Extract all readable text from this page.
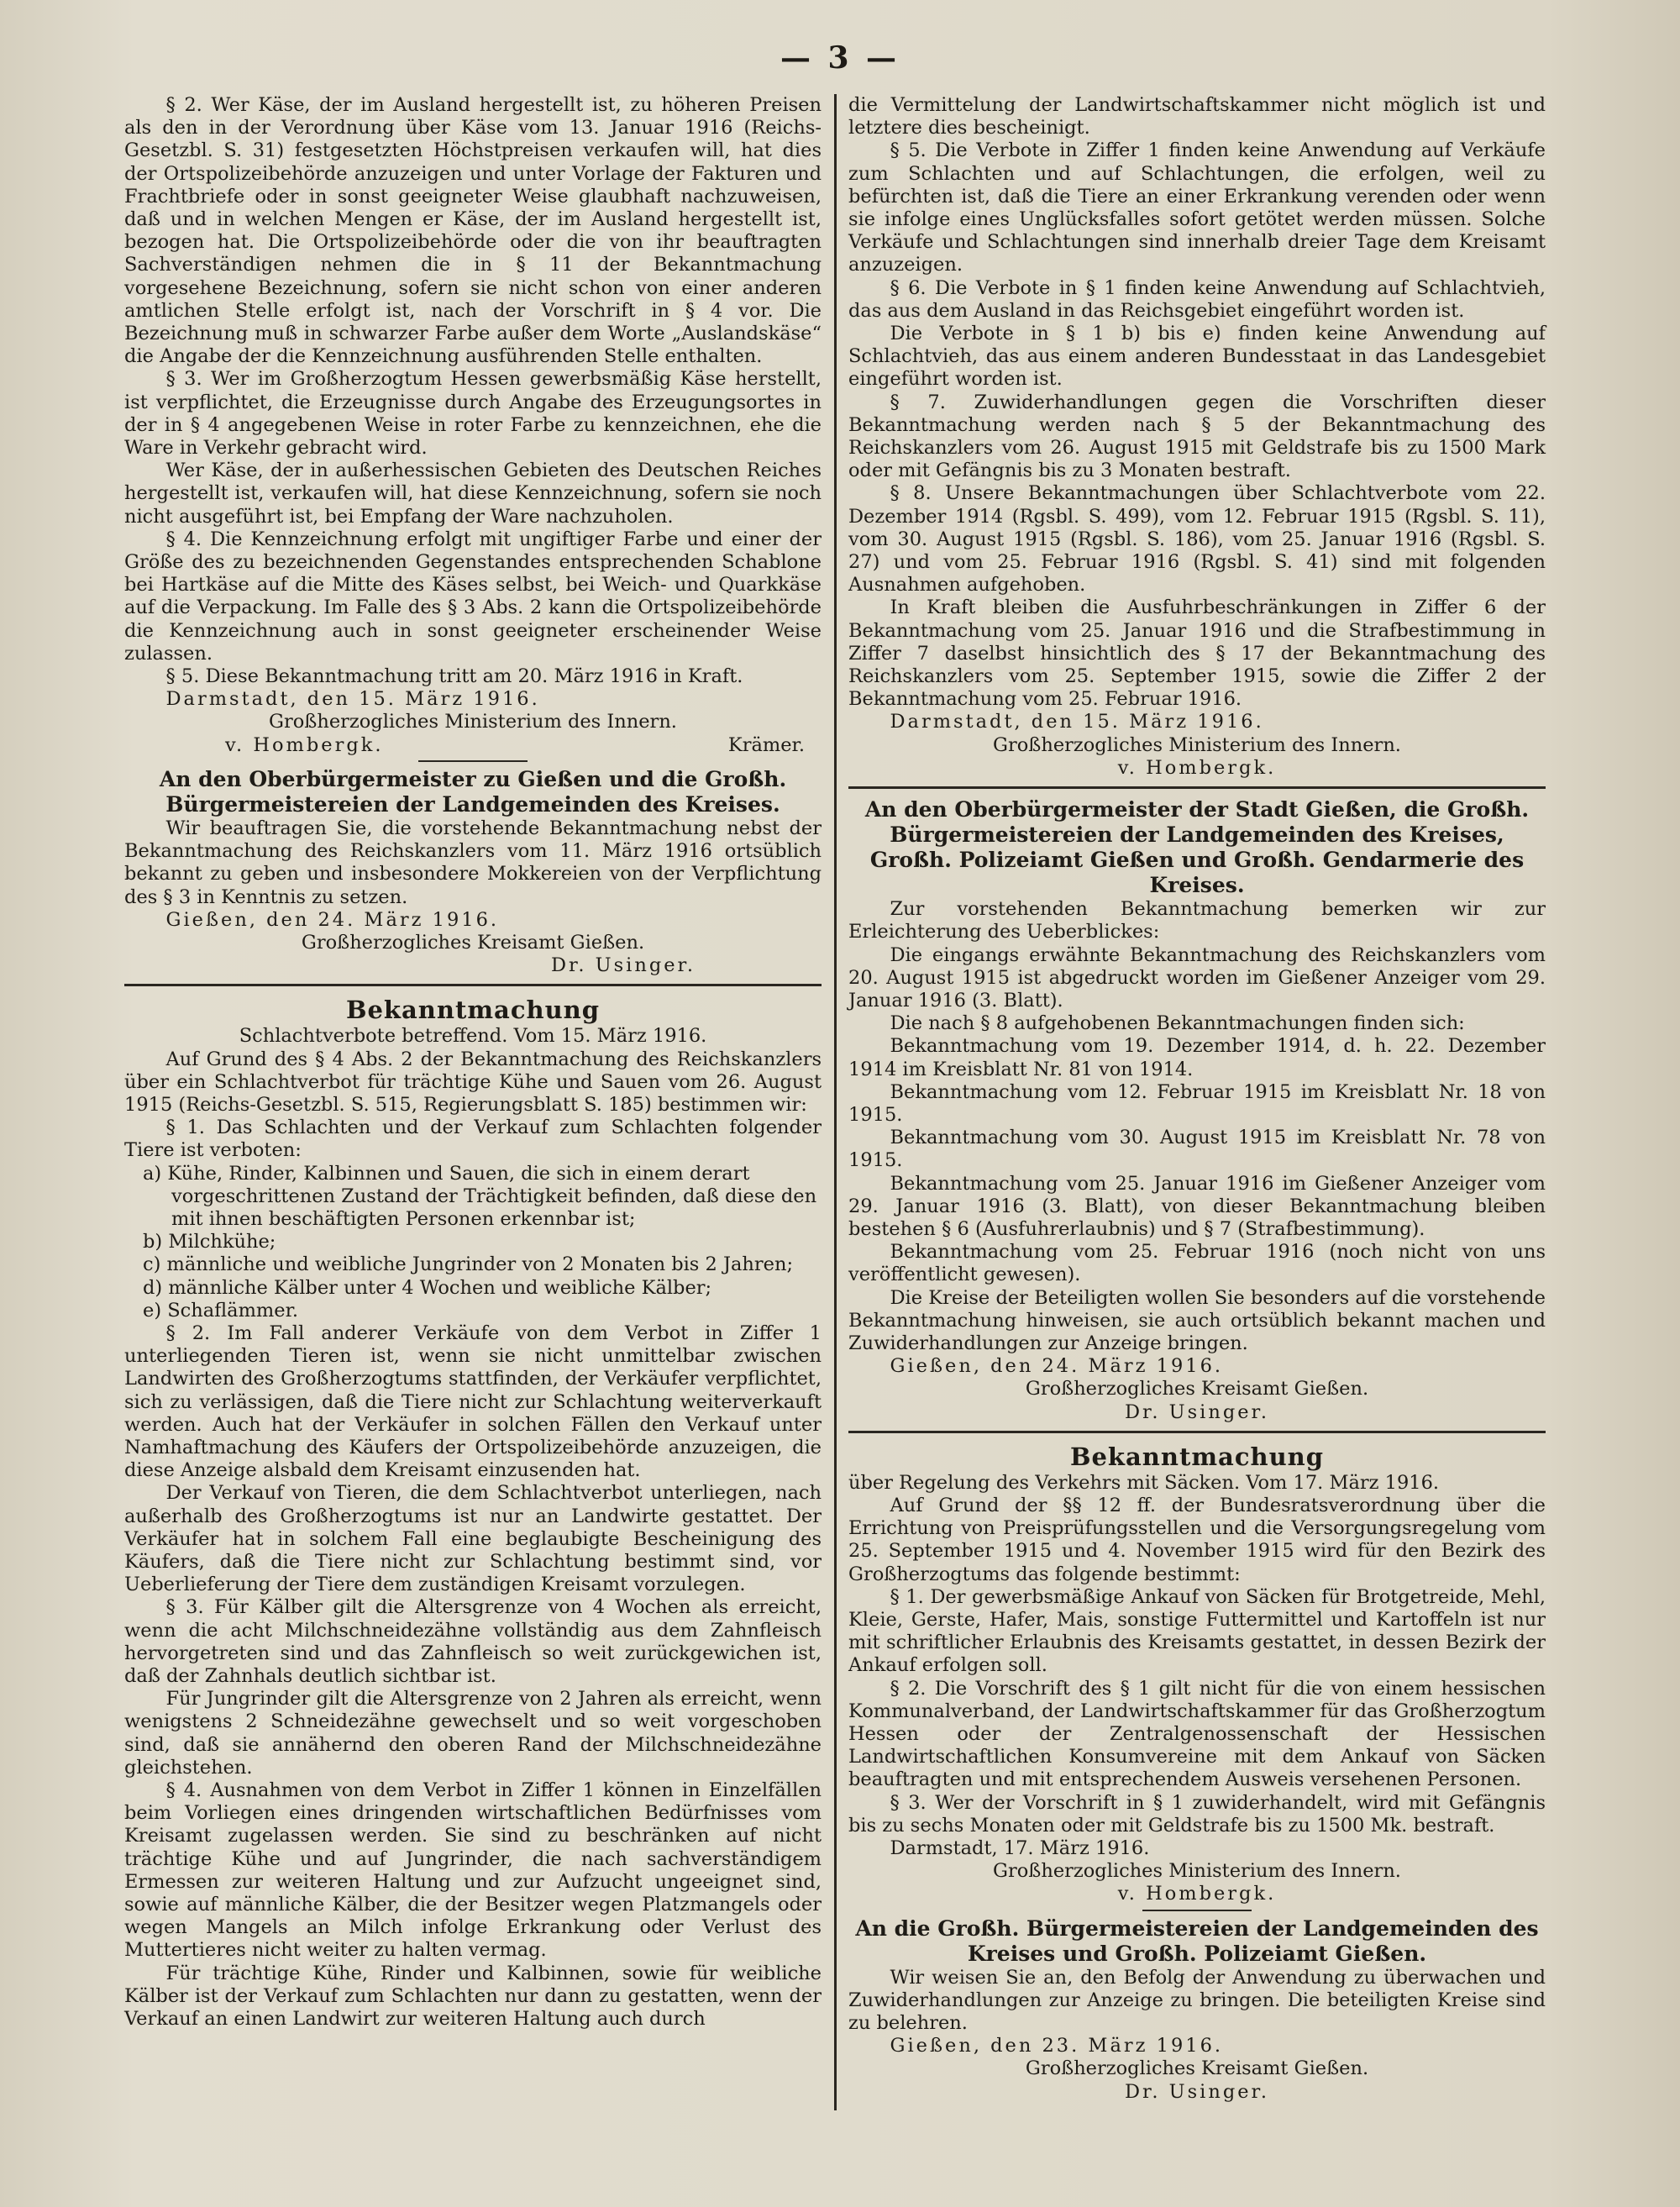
— 3 —

§ 2. Wer Käse, der im Ausland hergestellt ist, zu höheren Preisen als den in der Verordnung über Käse vom 13. Januar 1916 (Reichs-Gesetzbl. S. 31) festgesetzten Höchstpreisen verkaufen will, hat dies der Ortspolizeibehörde anzuzeigen und unter Vorlage der Fakturen und Frachtbriefe oder in sonst geeigneter Weise glaubhaft nachzuweisen, daß und in welchen Mengen er Käse, der im Ausland hergestellt ist, bezogen hat. Die Ortspolizeibehörde oder die von ihr beauftragten Sachverständigen nehmen die in § 11 der Bekanntmachung vorgesehene Bezeichnung, sofern sie nicht schon von einer anderen amtlichen Stelle erfolgt ist, nach der Vorschrift in § 4 vor. Die Bezeichnung muß in schwarzer Farbe außer dem Worte „Auslandskäse“ die Angabe der die Kennzeichnung ausführenden Stelle enthalten.

§ 3. Wer im Großherzogtum Hessen gewerbsmäßig Käse herstellt, ist verpflichtet, die Erzeugnisse durch Angabe des Erzeugungsortes in der in § 4 angegebenen Weise in roter Farbe zu kennzeichnen, ehe die Ware in Verkehr gebracht wird.

Wer Käse, der in außerhessischen Gebieten des Deutschen Reiches hergestellt ist, verkaufen will, hat diese Kennzeichnung, sofern sie noch nicht ausgeführt ist, bei Empfang der Ware nachzuholen.

§ 4. Die Kennzeichnung erfolgt mit ungiftiger Farbe und einer der Größe des zu bezeichnenden Gegenstandes entsprechenden Schablone bei Hartkäse auf die Mitte des Käses selbst, bei Weich- und Quarkkäse auf die Verpackung. Im Falle des § 3 Abs. 2 kann die Ortspolizeibehörde die Kennzeichnung auch in sonst geeigneter erscheinender Weise zulassen.

§ 5. Diese Bekanntmachung tritt am 20. März 1916 in Kraft.

Darmstadt, den 15. März 1916.

Großherzogliches Ministerium des Innern.

v. Hombergk.	Krämer.
An den Oberbürgermeister zu Gießen und die Großh. Bürgermeistereien der Landgemeinden des Kreises.

Wir beauftragen Sie, die vorstehende Bekanntmachung nebst der Bekanntmachung des Reichskanzlers vom 11. März 1916 ortsüblich bekannt zu geben und insbesondere Mokkereien von der Verpflichtung des § 3 in Kenntnis zu setzen.

Gießen, den 24. März 1916.

Großherzogliches Kreisamt Gießen.

Dr. Usinger.

Bekanntmachung

Schlachtverbote betreffend. Vom 15. März 1916.

Auf Grund des § 4 Abs. 2 der Bekanntmachung des Reichskanzlers über ein Schlachtverbot für trächtige Kühe und Sauen vom 26. August 1915 (Reichs-Gesetzbl. S. 515, Regierungsblatt S. 185) bestimmen wir:

§ 1. Das Schlachten und der Verkauf zum Schlachten folgender Tiere ist verboten:

a) Kühe, Rinder, Kalbinnen und Sauen, die sich in einem derart vorgeschrittenen Zustand der Trächtigkeit befinden, daß diese den mit ihnen beschäftigten Personen erkennbar ist;
b) Milchkühe;
c) männliche und weibliche Jungrinder von 2 Monaten bis 2 Jahren;
d) männliche Kälber unter 4 Wochen und weibliche Kälber;
e) Schaflämmer.

§ 2. Im Fall anderer Verkäufe von dem Verbot in Ziffer 1 unterliegenden Tieren ist, wenn sie nicht unmittelbar zwischen Landwirten des Großherzogtums stattfinden, der Verkäufer verpflichtet, sich zu verlässigen, daß die Tiere nicht zur Schlachtung weiterverkauft werden. Auch hat der Verkäufer in solchen Fällen den Verkauf unter Namhaftmachung des Käufers der Ortspolizeibehörde anzuzeigen, die diese Anzeige alsbald dem Kreisamt einzusenden hat.

Der Verkauf von Tieren, die dem Schlachtverbot unterliegen, nach außerhalb des Großherzogtums ist nur an Landwirte gestattet. Der Verkäufer hat in solchem Fall eine beglaubigte Bescheinigung des Käufers, daß die Tiere nicht zur Schlachtung bestimmt sind, vor Ueberlieferung der Tiere dem zuständigen Kreisamt vorzulegen.

§ 3. Für Kälber gilt die Altersgrenze von 4 Wochen als erreicht, wenn die acht Milchschneidezähne vollständig aus dem Zahnfleisch hervorgetreten sind und das Zahnfleisch so weit zurückgewichen ist, daß der Zahnhals deutlich sichtbar ist.

Für Jungrinder gilt die Altersgrenze von 2 Jahren als erreicht, wenn wenigstens 2 Schneidezähne gewechselt und so weit vorgeschoben sind, daß sie annähernd den oberen Rand der Milchschneidezähne gleichstehen.

§ 4. Ausnahmen von dem Verbot in Ziffer 1 können in Einzelfällen beim Vorliegen eines dringenden wirtschaftlichen Bedürfnisses vom Kreisamt zugelassen werden. Sie sind zu beschränken auf nicht trächtige Kühe und auf Jungrinder, die nach sachverständigem Ermessen zur weiteren Haltung und zur Aufzucht ungeeignet sind, sowie auf männliche Kälber, die der Besitzer wegen Platzmangels oder wegen Mangels an Milch infolge Erkrankung oder Verlust des Muttertieres nicht weiter zu halten vermag.

Für trächtige Kühe, Rinder und Kalbinnen, sowie für weibliche Kälber ist der Verkauf zum Schlachten nur dann zu gestatten, wenn der Verkauf an einen Landwirt zur weiteren Haltung auch durch

die Vermittelung der Landwirtschaftskammer nicht möglich ist und letztere dies bescheinigt.

§ 5. Die Verbote in Ziffer 1 finden keine Anwendung auf Verkäufe zum Schlachten und auf Schlachtungen, die erfolgen, weil zu befürchten ist, daß die Tiere an einer Erkrankung verenden oder wenn sie infolge eines Unglücksfalles sofort getötet werden müssen. Solche Verkäufe und Schlachtungen sind innerhalb dreier Tage dem Kreisamt anzuzeigen.

§ 6. Die Verbote in § 1 finden keine Anwendung auf Schlachtvieh, das aus dem Ausland in das Reichsgebiet eingeführt worden ist.

Die Verbote in § 1 b) bis e) finden keine Anwendung auf Schlachtvieh, das aus einem anderen Bundesstaat in das Landesgebiet eingeführt worden ist.

§ 7. Zuwiderhandlungen gegen die Vorschriften dieser Bekanntmachung werden nach § 5 der Bekanntmachung des Reichskanzlers vom 26. August 1915 mit Geldstrafe bis zu 1500 Mark oder mit Gefängnis bis zu 3 Monaten bestraft.

§ 8. Unsere Bekanntmachungen über Schlachtverbote vom 22. Dezember 1914 (Rgsbl. S. 499), vom 12. Februar 1915 (Rgsbl. S. 11), vom 30. August 1915 (Rgsbl. S. 186), vom 25. Januar 1916 (Rgsbl. S. 27) und vom 25. Februar 1916 (Rgsbl. S. 41) sind mit folgenden Ausnahmen aufgehoben.

In Kraft bleiben die Ausfuhrbeschränkungen in Ziffer 6 der Bekanntmachung vom 25. Januar 1916 und die Strafbestimmung in Ziffer 7 daselbst hinsichtlich des § 17 der Bekanntmachung des Reichskanzlers vom 25. September 1915, sowie die Ziffer 2 der Bekanntmachung vom 25. Februar 1916.

Darmstadt, den 15. März 1916.

Großherzogliches Ministerium des Innern.

v. Hombergk.

An den Oberbürgermeister der Stadt Gießen, die Großh. Bürgermeistereien der Landgemeinden des Kreises, Großh. Polizeiamt Gießen und Großh. Gendarmerie des Kreises.

Zur vorstehenden Bekanntmachung bemerken wir zur Erleichterung des Ueberblickes:

Die eingangs erwähnte Bekanntmachung des Reichskanzlers vom 20. August 1915 ist abgedruckt worden im Gießener Anzeiger vom 29. Januar 1916 (3. Blatt).

Die nach § 8 aufgehobenen Bekanntmachungen finden sich:

Bekanntmachung vom 19. Dezember 1914, d. h. 22. Dezember 1914 im Kreisblatt Nr. 81 von 1914.

Bekanntmachung vom 12. Februar 1915 im Kreisblatt Nr. 18 von 1915.

Bekanntmachung vom 30. August 1915 im Kreisblatt Nr. 78 von 1915.

Bekanntmachung vom 25. Januar 1916 im Gießener Anzeiger vom 29. Januar 1916 (3. Blatt), von dieser Bekanntmachung bleiben bestehen § 6 (Ausfuhrerlaubnis) und § 7 (Strafbestimmung).

Bekanntmachung vom 25. Februar 1916 (noch nicht von uns veröffentlicht gewesen).

Die Kreise der Beteiligten wollen Sie besonders auf die vorstehende Bekanntmachung hinweisen, sie auch ortsüblich bekannt machen und Zuwiderhandlungen zur Anzeige bringen.

Gießen, den 24. März 1916.

Großherzogliches Kreisamt Gießen.

Dr. Usinger.

Bekanntmachung

über Regelung des Verkehrs mit Säcken. Vom 17. März 1916.

Auf Grund der §§ 12 ff. der Bundesratsverordnung über die Errichtung von Preisprüfungsstellen und die Versorgungsregelung vom 25. September 1915 und 4. November 1915 wird für den Bezirk des Großherzogtums das folgende bestimmt:

§ 1. Der gewerbsmäßige Ankauf von Säcken für Brotgetreide, Mehl, Kleie, Gerste, Hafer, Mais, sonstige Futtermittel und Kartoffeln ist nur mit schriftlicher Erlaubnis des Kreisamts gestattet, in dessen Bezirk der Ankauf erfolgen soll.

§ 2. Die Vorschrift des § 1 gilt nicht für die von einem hessischen Kommunalverband, der Landwirtschaftskammer für das Großherzogtum Hessen oder der Zentralgenossenschaft der Hessischen Landwirtschaftlichen Konsumvereine mit dem Ankauf von Säcken beauftragten und mit entsprechendem Ausweis versehenen Personen.

§ 3. Wer der Vorschrift in § 1 zuwiderhandelt, wird mit Gefängnis bis zu sechs Monaten oder mit Geldstrafe bis zu 1500 Mk. bestraft.

Darmstadt, 17. März 1916.

Großherzogliches Ministerium des Innern.

v. Hombergk.

An die Großh. Bürgermeistereien der Landgemeinden des Kreises und Großh. Polizeiamt Gießen.

Wir weisen Sie an, den Befolg der Anwendung zu überwachen und Zuwiderhandlungen zur Anzeige zu bringen. Die beteiligten Kreise sind zu belehren.

Gießen, den 23. März 1916.

Großherzogliches Kreisamt Gießen.

Dr. Usinger.
